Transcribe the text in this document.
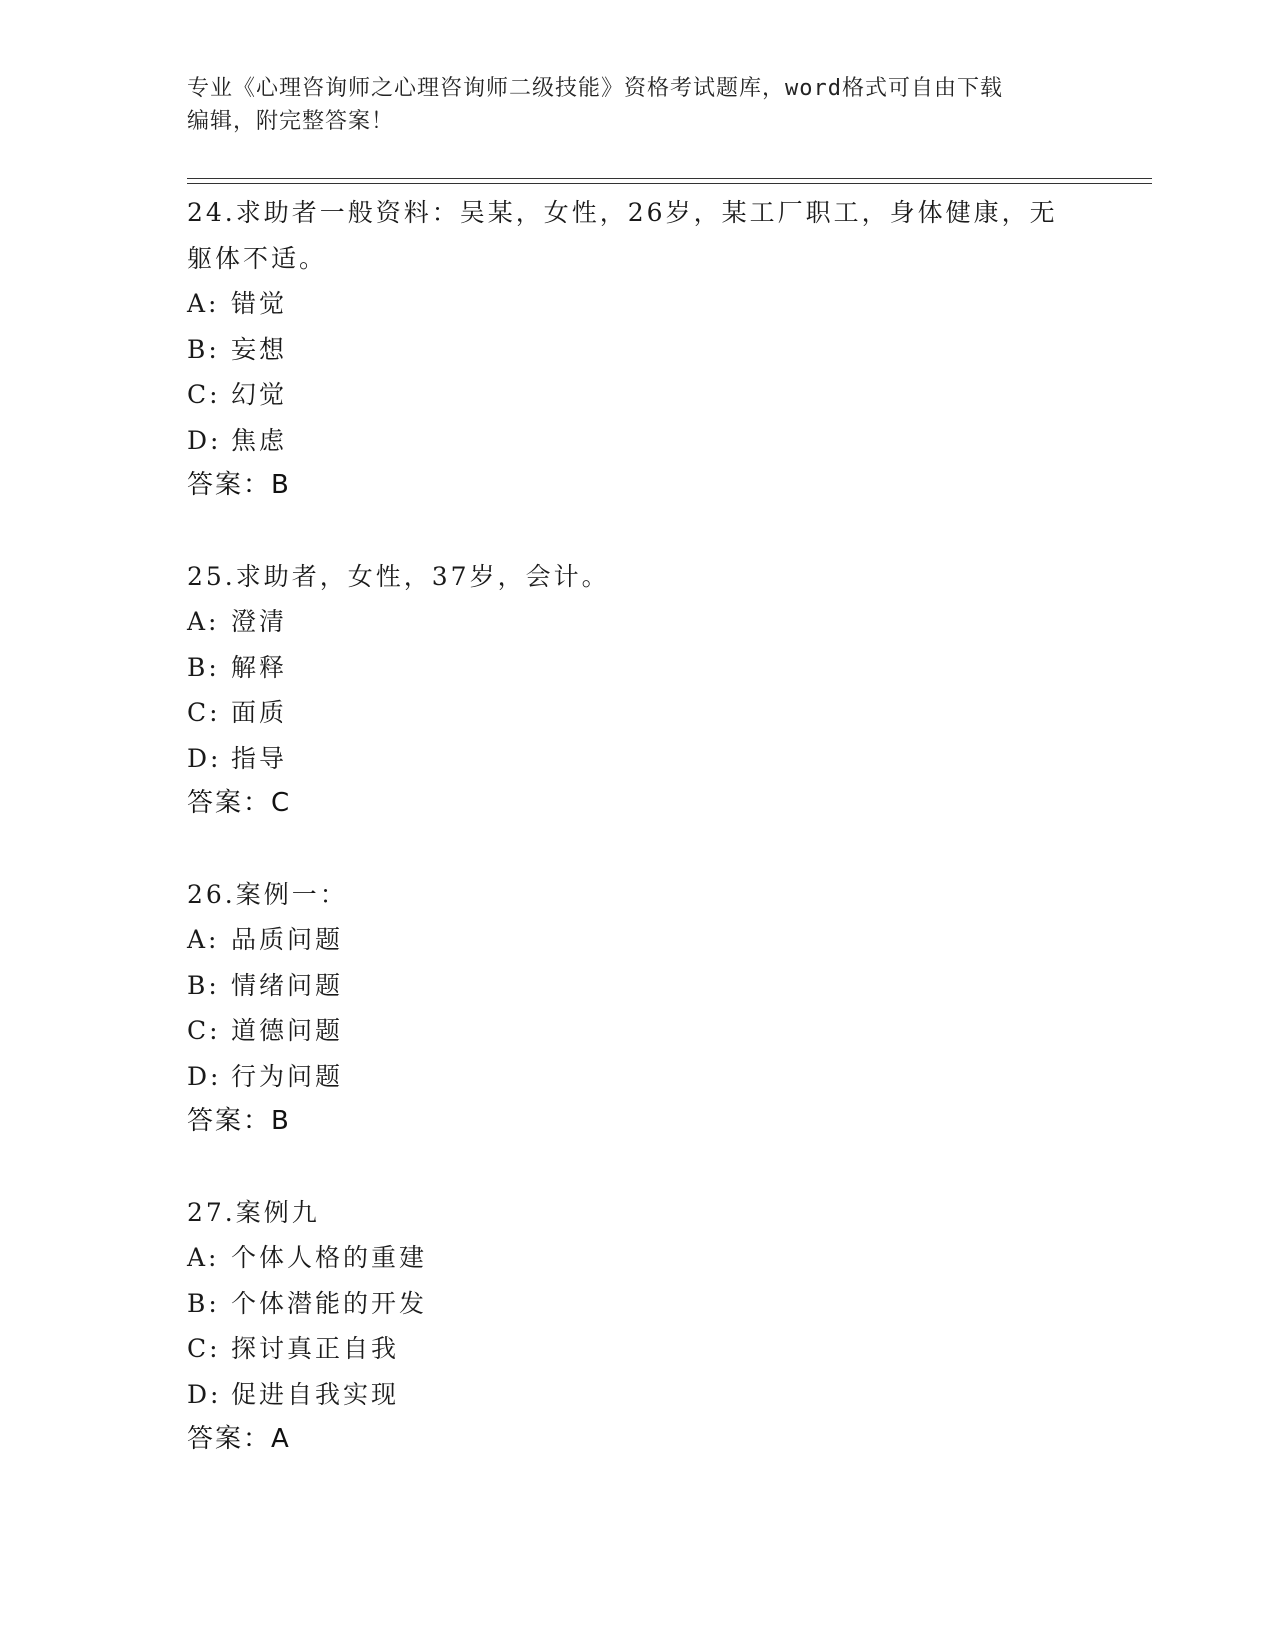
专业《心理咨询师之心理咨询师二级技能》资格考试题库，word格式可自由下载
编辑，附完整答案！
24.求助者一般资料：吴某，女性，26岁，某工厂职工，身体健康，无
躯体不适。
A: 错觉
B: 妄想
C: 幻觉
D: 焦虑
答案：B
25.求助者，女性，37岁，会计。
A: 澄清
B: 解释
C: 面质
D: 指导
答案：C
26.案例一：
A: 品质问题
B: 情绪问题
C: 道德问题
D: 行为问题
答案：B
27.案例九
A: 个体人格的重建
B: 个体潜能的开发
C: 探讨真正自我
D: 促进自我实现
答案：A
